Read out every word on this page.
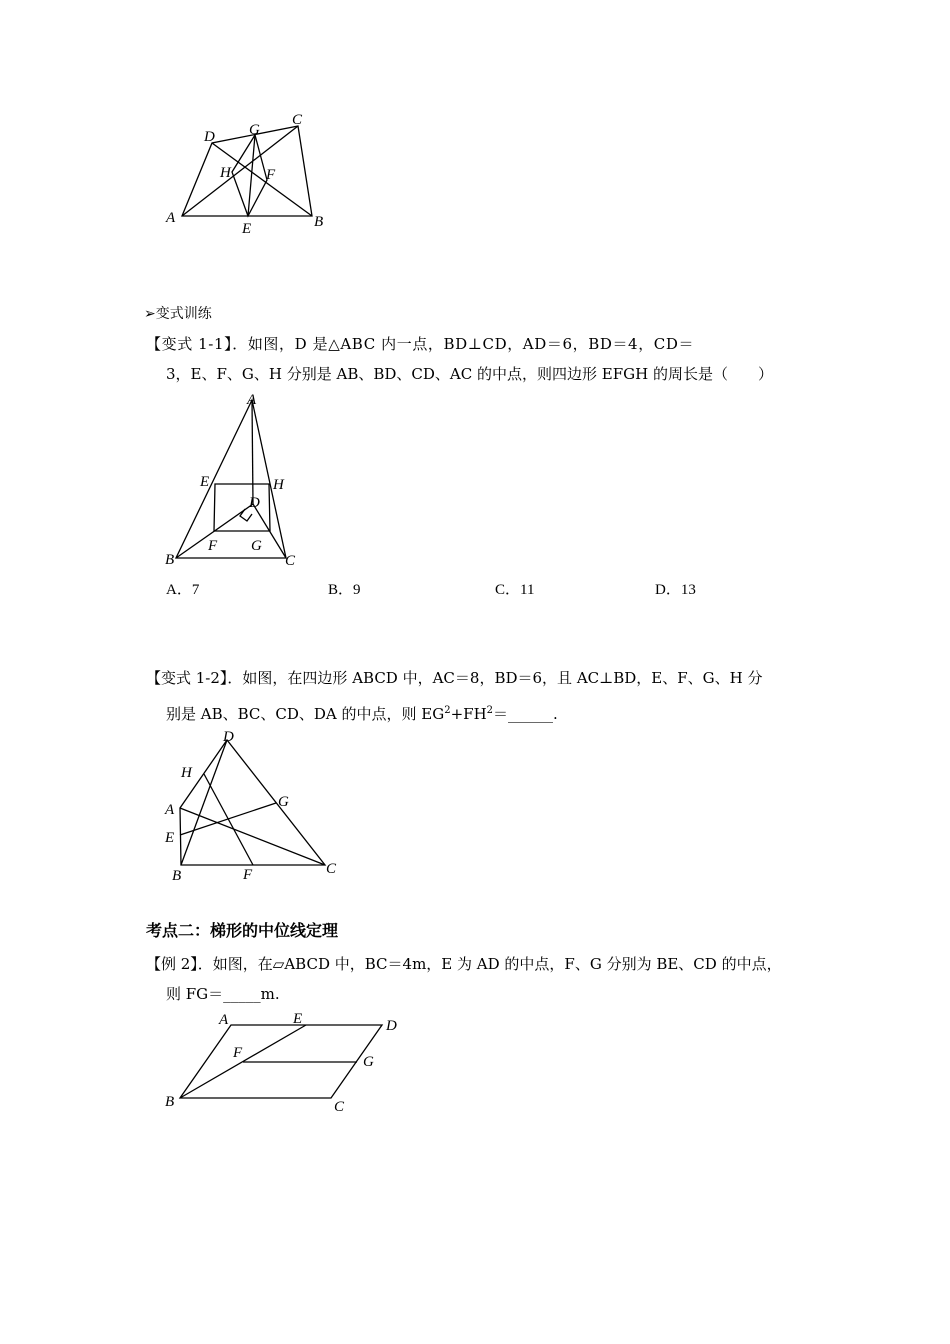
A	B
C
D
E
F
G
H
➢变式训练
【变式 1-1】．如图，D 是△ABC 内一点，BD⊥CD，AD＝6，BD＝4，CD＝
3，E、F、G、H 分别是 AB、BD、CD、AC 的中点，则四边形 EFGH 的周长是（　　）
A
B	C
D
E
F G
H
A．7	B．9	C．11	D．13
【变式 1-2】．如图，在四边形 ABCD 中，AC＝8，BD＝6，且 AC⊥BD，E、F、G、H 分
别是 AB、BC、CD、DA 的中点，则 $EG^2+FH^2=\_\_\_\_\_\_$.
A
B	C
D
E
F
G
H
考点二：梯形的中位线定理
【例 2】．如图，在▱ABCD 中，BC＝4m，E 为 AD 的中点，F、G 分别为 BE、CD 的中点，
则 FG＝_____m.
A
B	C
D
E
F
G
